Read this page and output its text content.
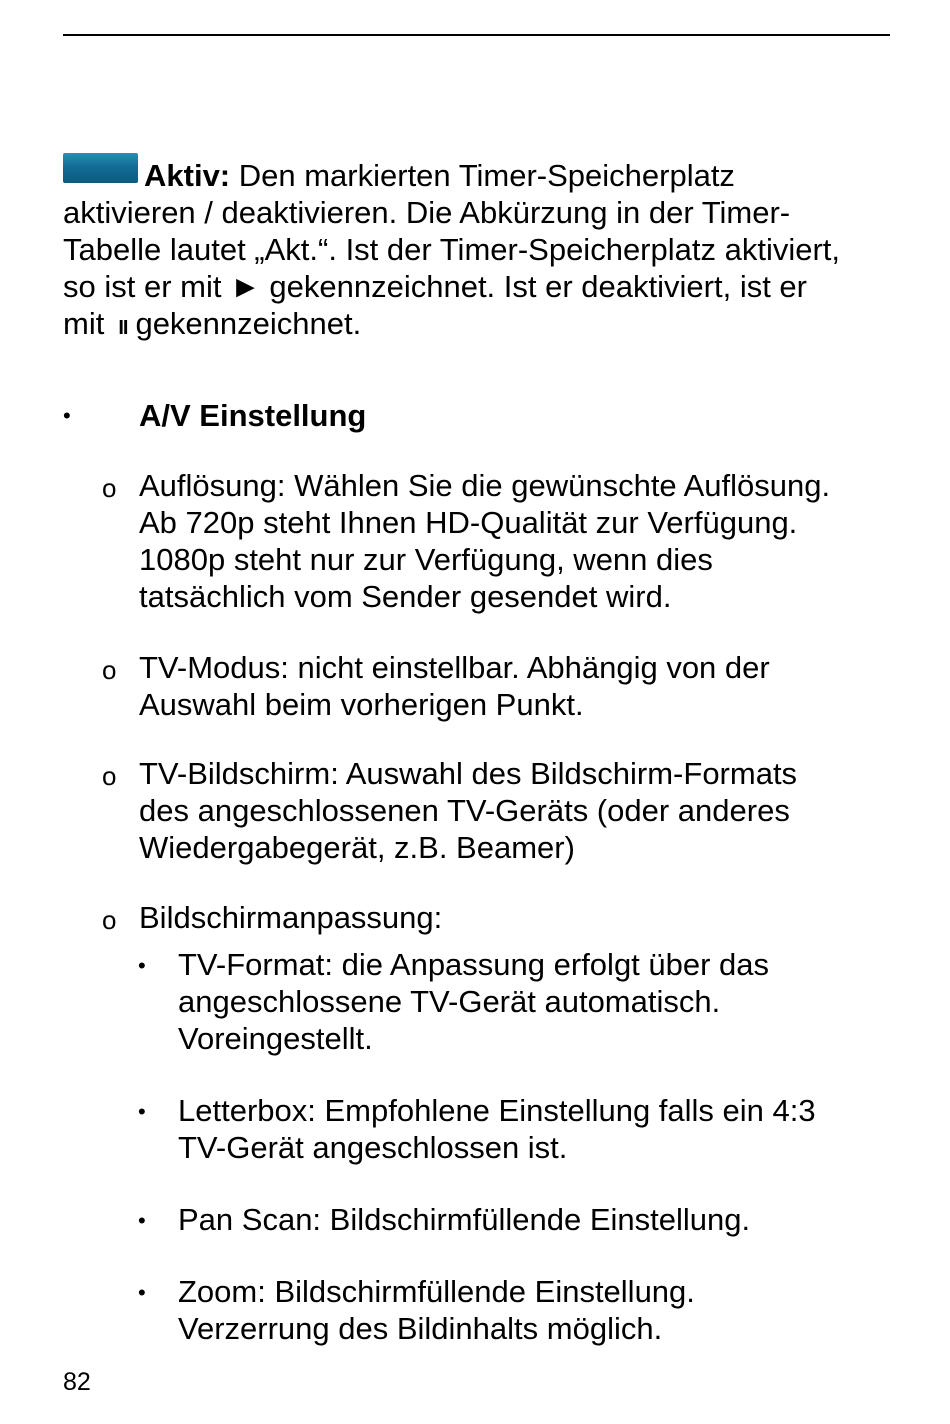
Aktiv: Den markierten Timer-Speicherplatz
aktivieren / deaktivieren. Die Abkürzung in der Timer-
Tabelle lautet „Akt.“. Ist der Timer-Speicherplatz aktiviert,
so ist er mit ► gekennzeichnet. Ist er deaktiviert, ist er
mit II gekennzeichnet.
• A/V Einstellung
o Auflösung: Wählen Sie die gewünschte Auflösung.
Ab 720p steht Ihnen HD-Qualität zur Verfügung.
1080p steht nur zur Verfügung, wenn dies
tatsächlich vom Sender gesendet wird.
o TV-Modus: nicht einstellbar. Abhängig von der
Auswahl beim vorherigen Punkt.
o TV-Bildschirm: Auswahl des Bildschirm-Formats
des angeschlossenen TV-Geräts (oder anderes
Wiedergabegerät, z.B. Beamer)
o Bildschirmanpassung:
• TV-Format: die Anpassung erfolgt über das
angeschlossene TV-Gerät automatisch.
Voreingestellt.
• Letterbox: Empfohlene Einstellung falls ein 4:3
TV-Gerät angeschlossen ist.
• Pan Scan: Bildschirmfüllende Einstellung.
• Zoom: Bildschirmfüllende Einstellung.
Verzerrung des Bildinhalts möglich.
82
